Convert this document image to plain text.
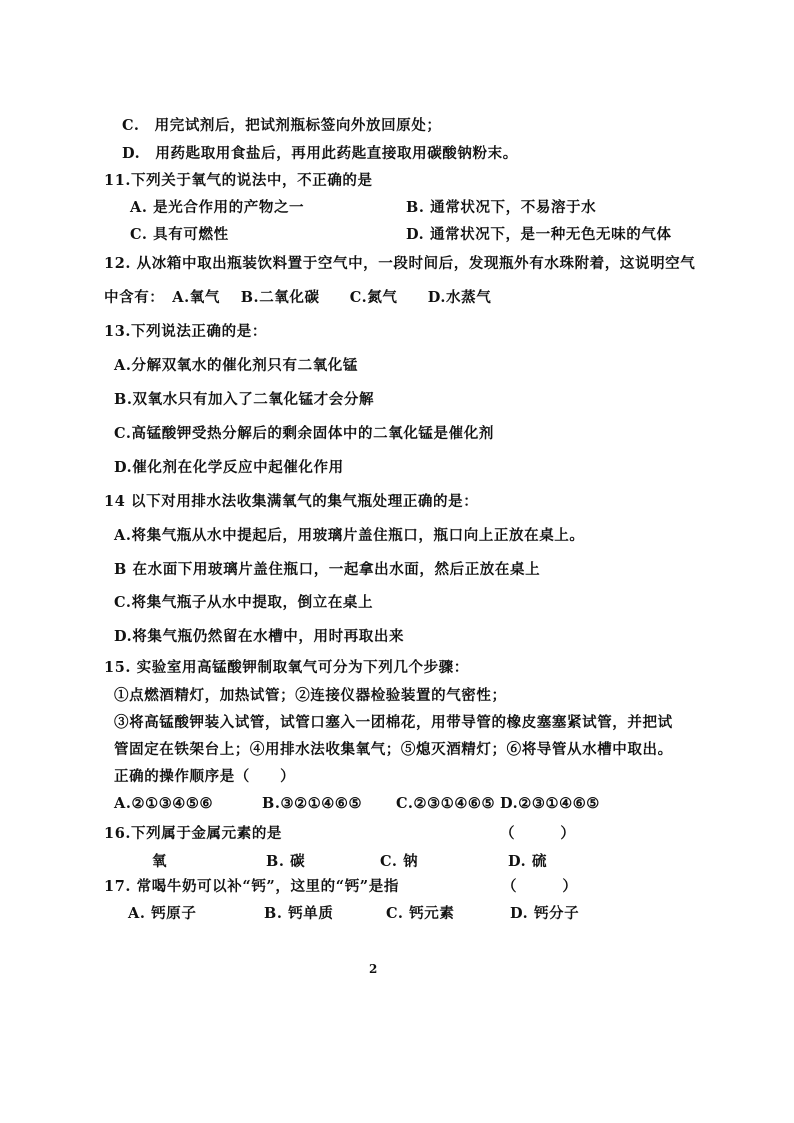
C.　用完试剂后，把试剂瓶标签向外放回原处；
D.　用药匙取用食盐后，再用此药匙直接取用碳酸钠粉末。
11.下列关于氧气的说法中，不正确的是
A. 是光合作用的产物之一	B. 通常状况下，不易溶于水
C. 具有可燃性	D. 通常状况下，是一种无色无味的气体
12. 从冰箱中取出瓶装饮料置于空气中，一段时间后，发现瓶外有水珠附着，这说明空气
中含有：　A.氧气　 B.二氧化碳　　C.氮气　　D.水蒸气
13.下列说法正确的是：
A.分解双氧水的催化剂只有二氧化锰
B.双氧水只有加入了二氧化锰才会分解
C.高锰酸钾受热分解后的剩余固体中的二氧化锰是催化剂
D.催化剂在化学反应中起催化作用
14 以下对用排水法收集满氧气的集气瓶处理正确的是：
A.将集气瓶从水中提起后，用玻璃片盖住瓶口，瓶口向上正放在桌上。
B 在水面下用玻璃片盖住瓶口，一起拿出水面，然后正放在桌上
C.将集气瓶子从水中提取，倒立在桌上
D.将集气瓶仍然留在水槽中，用时再取出来
15. 实验室用高锰酸钾制取氧气可分为下列几个步骤：
①点燃酒精灯，加热试管；②连接仪器检验装置的气密性；
③将高锰酸钾装入试管，试管口塞入一团棉花，用带导管的橡皮塞塞紧试管，并把试
管固定在铁架台上；④用排水法收集氧气；⑤熄灭酒精灯；⑥将导管从水槽中取出。
正确的操作顺序是（　　）
A.②①③④⑤⑥	B.③②①④⑥⑤ C.②③①④⑥⑤ D.②③①④⑥⑤
16.下列属于金属元素的是	（　　　）
氧	B. 碳	C. 钠	D. 硫
17. 常喝牛奶可以补“钙”，这里的“钙”是指	（　　　）
A. 钙原子	B. 钙单质	C. 钙元素	D. 钙分子
2
